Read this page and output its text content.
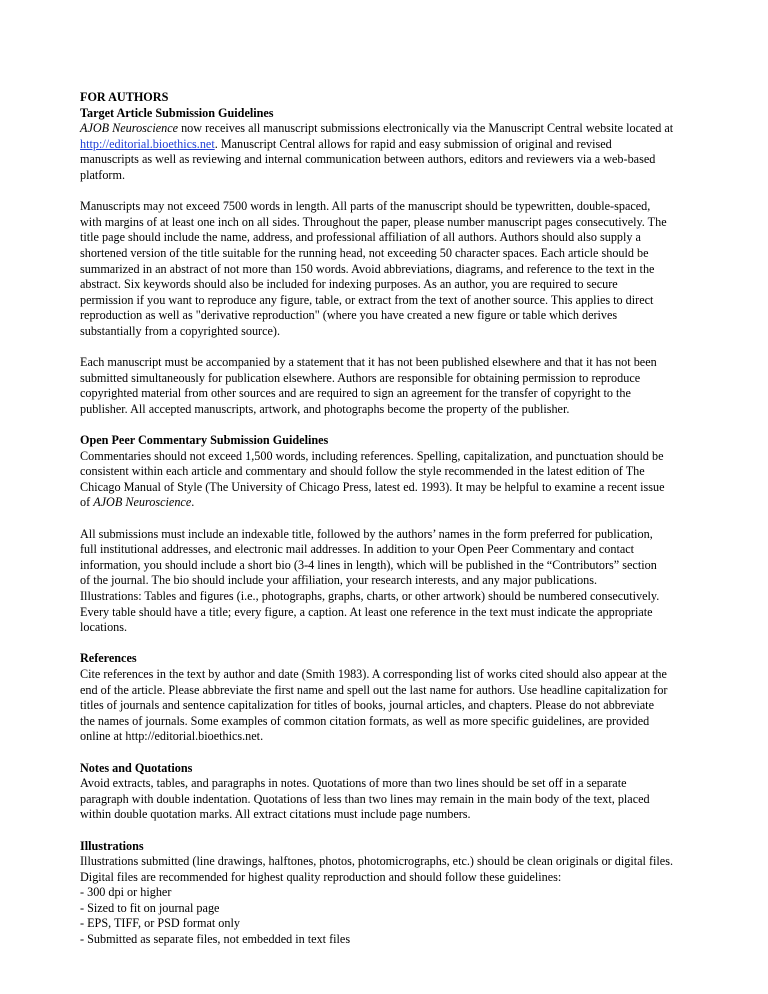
FOR AUTHORS
Target Article Submission Guidelines
AJOB Neuroscience now receives all manuscript submissions electronically via the Manuscript Central website located at
http://editorial.bioethics.net. Manuscript Central allows for rapid and easy submission of original and revised
manuscripts as well as reviewing and internal communication between authors, editors and reviewers via a web-based
platform.
Manuscripts may not exceed 7500 words in length. All parts of the manuscript should be typewritten, double-spaced,
with margins of at least one inch on all sides. Throughout the paper, please number manuscript pages consecutively. The
title page should include the name, address, and professional affiliation of all authors. Authors should also supply a
shortened version of the title suitable for the running head, not exceeding 50 character spaces. Each article should be
summarized in an abstract of not more than 150 words. Avoid abbreviations, diagrams, and reference to the text in the
abstract. Six keywords should also be included for indexing purposes. As an author, you are required to secure
permission if you want to reproduce any figure, table, or extract from the text of another source. This applies to direct
reproduction as well as "derivative reproduction" (where you have created a new figure or table which derives
substantially from a copyrighted source).
Each manuscript must be accompanied by a statement that it has not been published elsewhere and that it has not been
submitted simultaneously for publication elsewhere. Authors are responsible for obtaining permission to reproduce
copyrighted material from other sources and are required to sign an agreement for the transfer of copyright to the
publisher. All accepted manuscripts, artwork, and photographs become the property of the publisher.
Open Peer Commentary Submission Guidelines
Commentaries should not exceed 1,500 words, including references. Spelling, capitalization, and punctuation should be
consistent within each article and commentary and should follow the style recommended in the latest edition of The
Chicago Manual of Style (The University of Chicago Press, latest ed. 1993). It may be helpful to examine a recent issue
of AJOB Neuroscience.
All submissions must include an indexable title, followed by the authors’ names in the form preferred for publication,
full institutional addresses, and electronic mail addresses. In addition to your Open Peer Commentary and contact
information, you should include a short bio (3-4 lines in length), which will be published in the “Contributors” section
of the journal. The bio should include your affiliation, your research interests, and any major publications.
Illustrations: Tables and figures (i.e., photographs, graphs, charts, or other artwork) should be numbered consecutively.
Every table should have a title; every figure, a caption. At least one reference in the text must indicate the appropriate
locations.
References
Cite references in the text by author and date (Smith 1983). A corresponding list of works cited should also appear at the
end of the article. Please abbreviate the first name and spell out the last name for authors. Use headline capitalization for
titles of journals and sentence capitalization for titles of books, journal articles, and chapters. Please do not abbreviate
the names of journals. Some examples of common citation formats, as well as more specific guidelines, are provided
online at http://editorial.bioethics.net.
Notes and Quotations
Avoid extracts, tables, and paragraphs in notes. Quotations of more than two lines should be set off in a separate
paragraph with double indentation. Quotations of less than two lines may remain in the main body of the text, placed
within double quotation marks. All extract citations must include page numbers.
Illustrations
Illustrations submitted (line drawings, halftones, photos, photomicrographs, etc.) should be clean originals or digital files.
Digital files are recommended for highest quality reproduction and should follow these guidelines:
- 300 dpi or higher
- Sized to fit on journal page
- EPS, TIFF, or PSD format only
- Submitted as separate files, not embedded in text files
